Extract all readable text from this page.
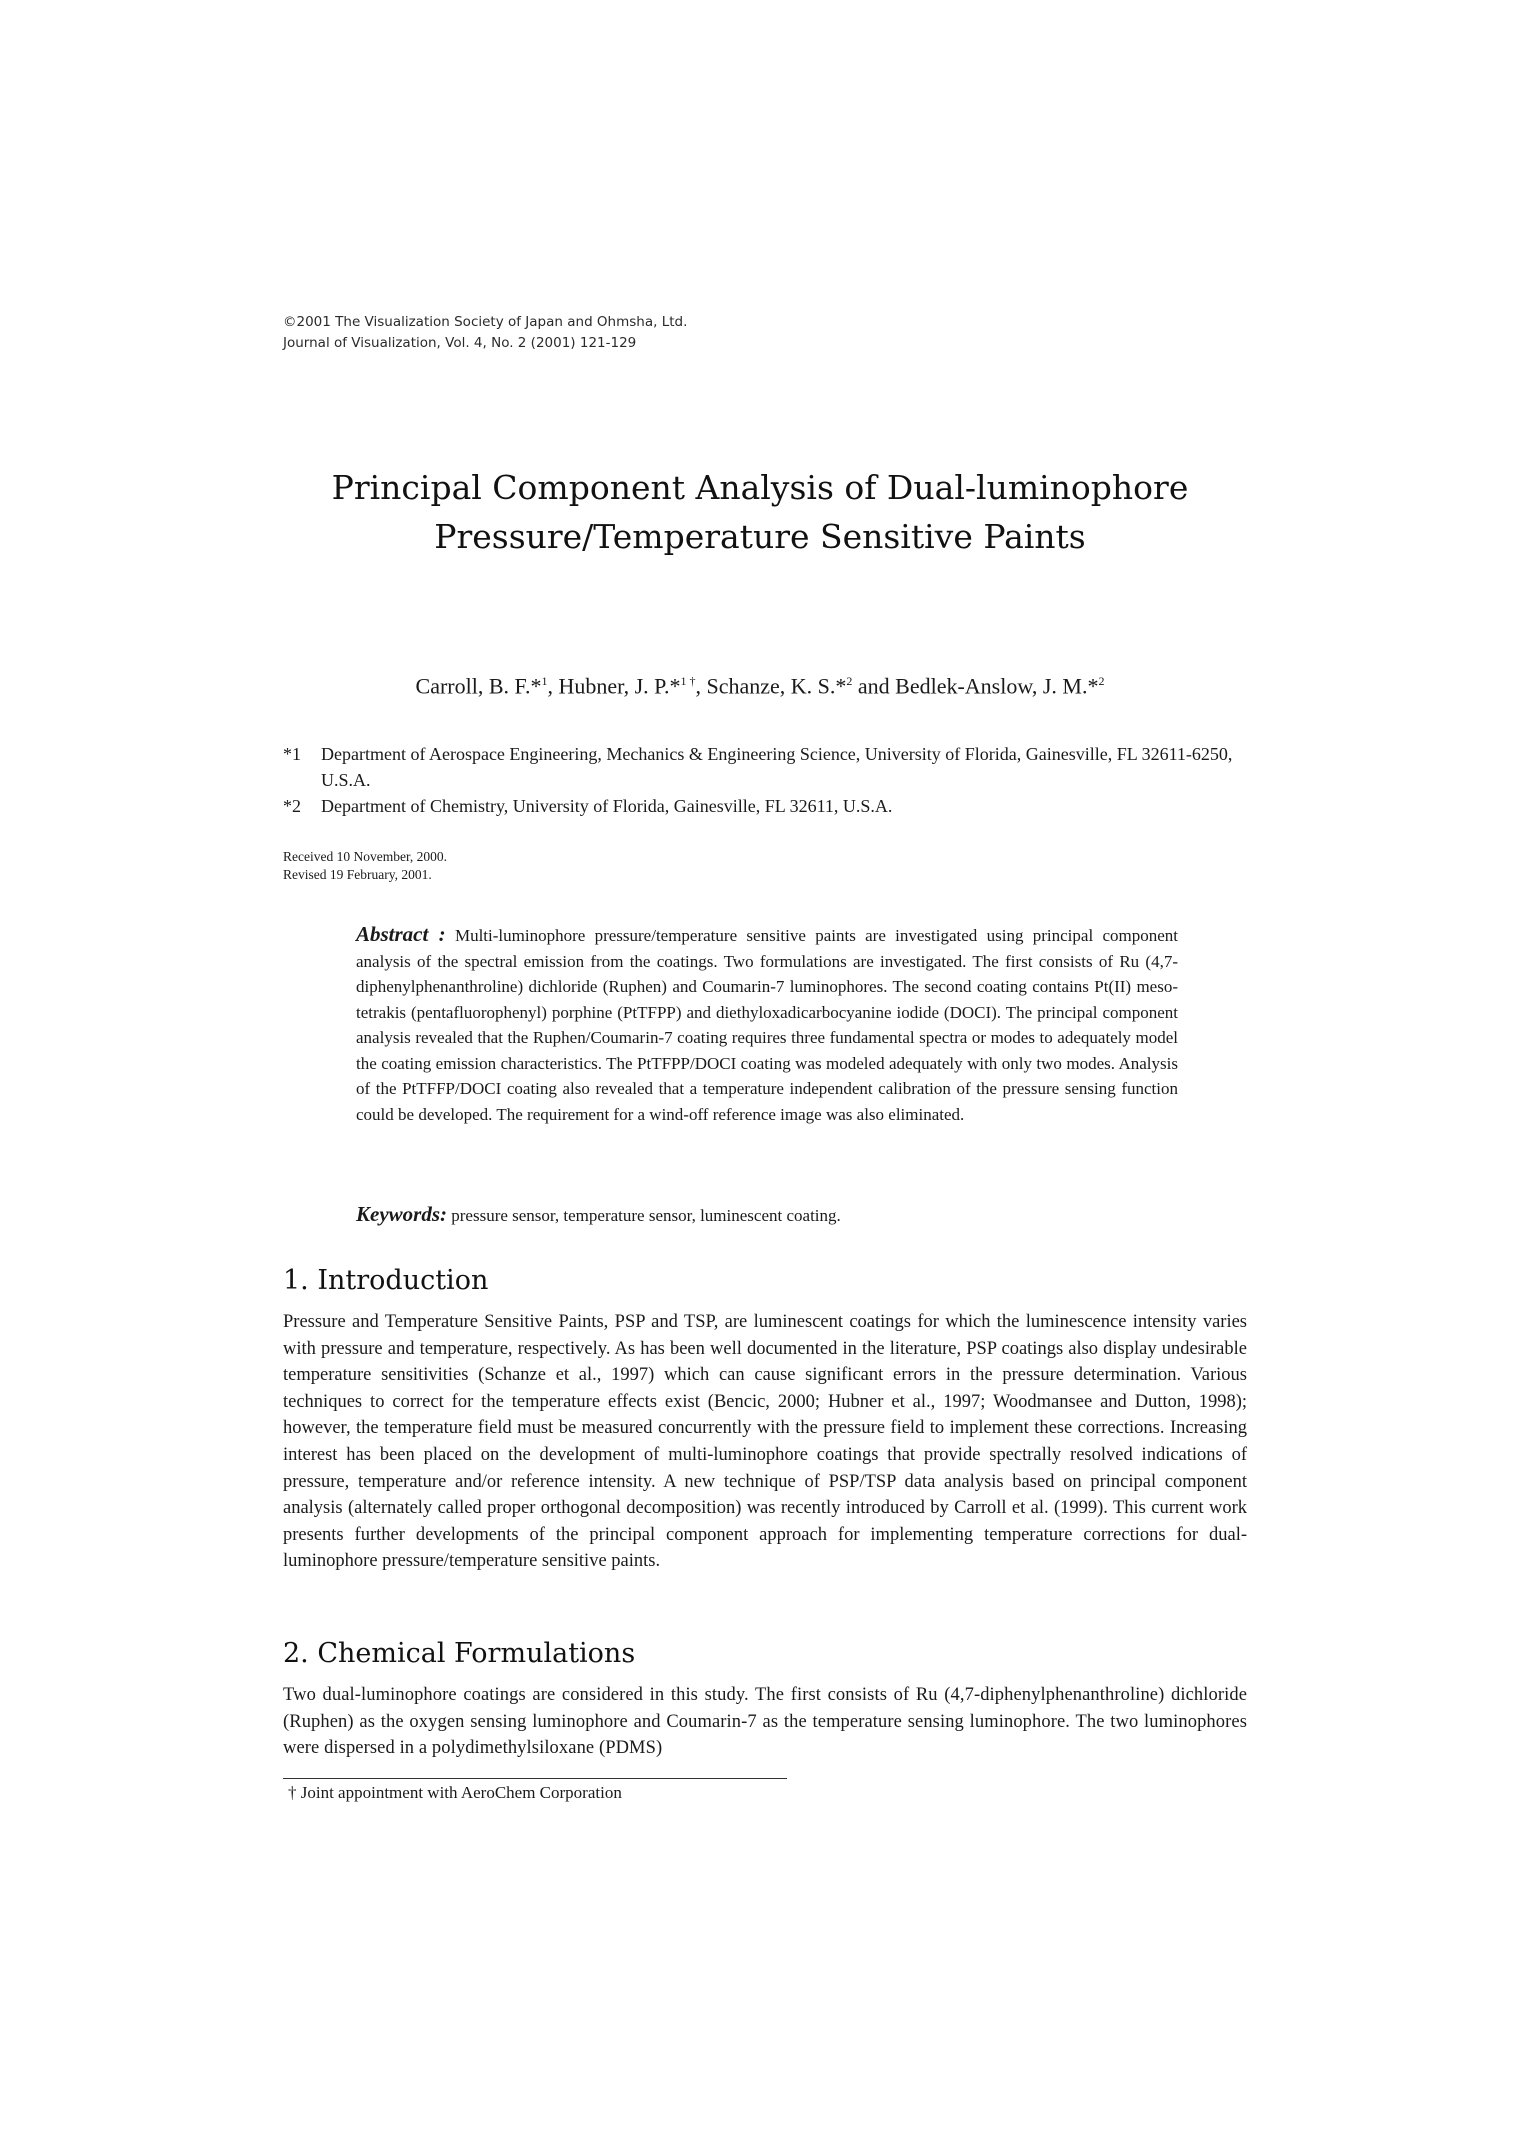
©2001 The Visualization Society of Japan and Ohmsha, Ltd.
Journal of Visualization, Vol. 4, No. 2 (2001) 121-129
Principal Component Analysis of Dual-luminophore
Pressure/Temperature Sensitive Paints
Carroll, B. F.*$^1$, Hubner, J. P.*$^{1 \dagger}$, Schanze, K. S.*$^2$ and Bedlek-Anslow, J. M.*$^2$
*1	Department of Aerospace Engineering, Mechanics & Engineering Science, University of Florida, Gainesville, FL 32611-6250, U.S.A.
*2	Department of Chemistry, University of Florida, Gainesville, FL 32611, U.S.A.
Received 10 November, 2000.
Revised 19 February, 2001.
Abstract : Multi-luminophore pressure/temperature sensitive paints are investigated using principal component analysis of the spectral emission from the coatings. Two formulations are investigated. The first consists of Ru (4,7-diphenylphenanthroline) dichloride (Ruphen) and Coumarin-7 luminophores. The second coating contains Pt(II) meso-tetrakis (pentafluorophenyl) porphine (PtTFPP) and diethyloxadicarbocyanine iodide (DOCI). The principal component analysis revealed that the Ruphen/Coumarin-7 coating requires three fundamental spectra or modes to adequately model the coating emission characteristics. The PtTFPP/DOCI coating was modeled adequately with only two modes. Analysis of the PtTFFP/DOCI coating also revealed that a temperature independent calibration of the pressure sensing function could be developed. The requirement for a wind-off reference image was also eliminated.
Keywords: pressure sensor, temperature sensor, luminescent coating.
1. Introduction
Pressure and Temperature Sensitive Paints, PSP and TSP, are luminescent coatings for which the luminescence intensity varies with pressure and temperature, respectively. As has been well documented in the literature, PSP coatings also display undesirable temperature sensitivities (Schanze et al., 1997) which can cause significant errors in the pressure determination. Various techniques to correct for the temperature effects exist (Bencic, 2000; Hubner et al., 1997; Woodmansee and Dutton, 1998); however, the temperature field must be measured concurrently with the pressure field to implement these corrections. Increasing interest has been placed on the development of multi-luminophore coatings that provide spectrally resolved indications of pressure, temperature and/or reference intensity. A new technique of PSP/TSP data analysis based on principal component analysis (alternately called proper orthogonal decomposition) was recently introduced by Carroll et al. (1999). This current work presents further developments of the principal component approach for implementing temperature corrections for dual-luminophore pressure/temperature sensitive paints.
2. Chemical Formulations
Two dual-luminophore coatings are considered in this study. The first consists of Ru (4,7-diphenylphenanthroline) dichloride (Ruphen) as the oxygen sensing luminophore and Coumarin-7 as the temperature sensing luminophore. The two luminophores were dispersed in a polydimethylsiloxane (PDMS)
† Joint appointment with AeroChem Corporation
